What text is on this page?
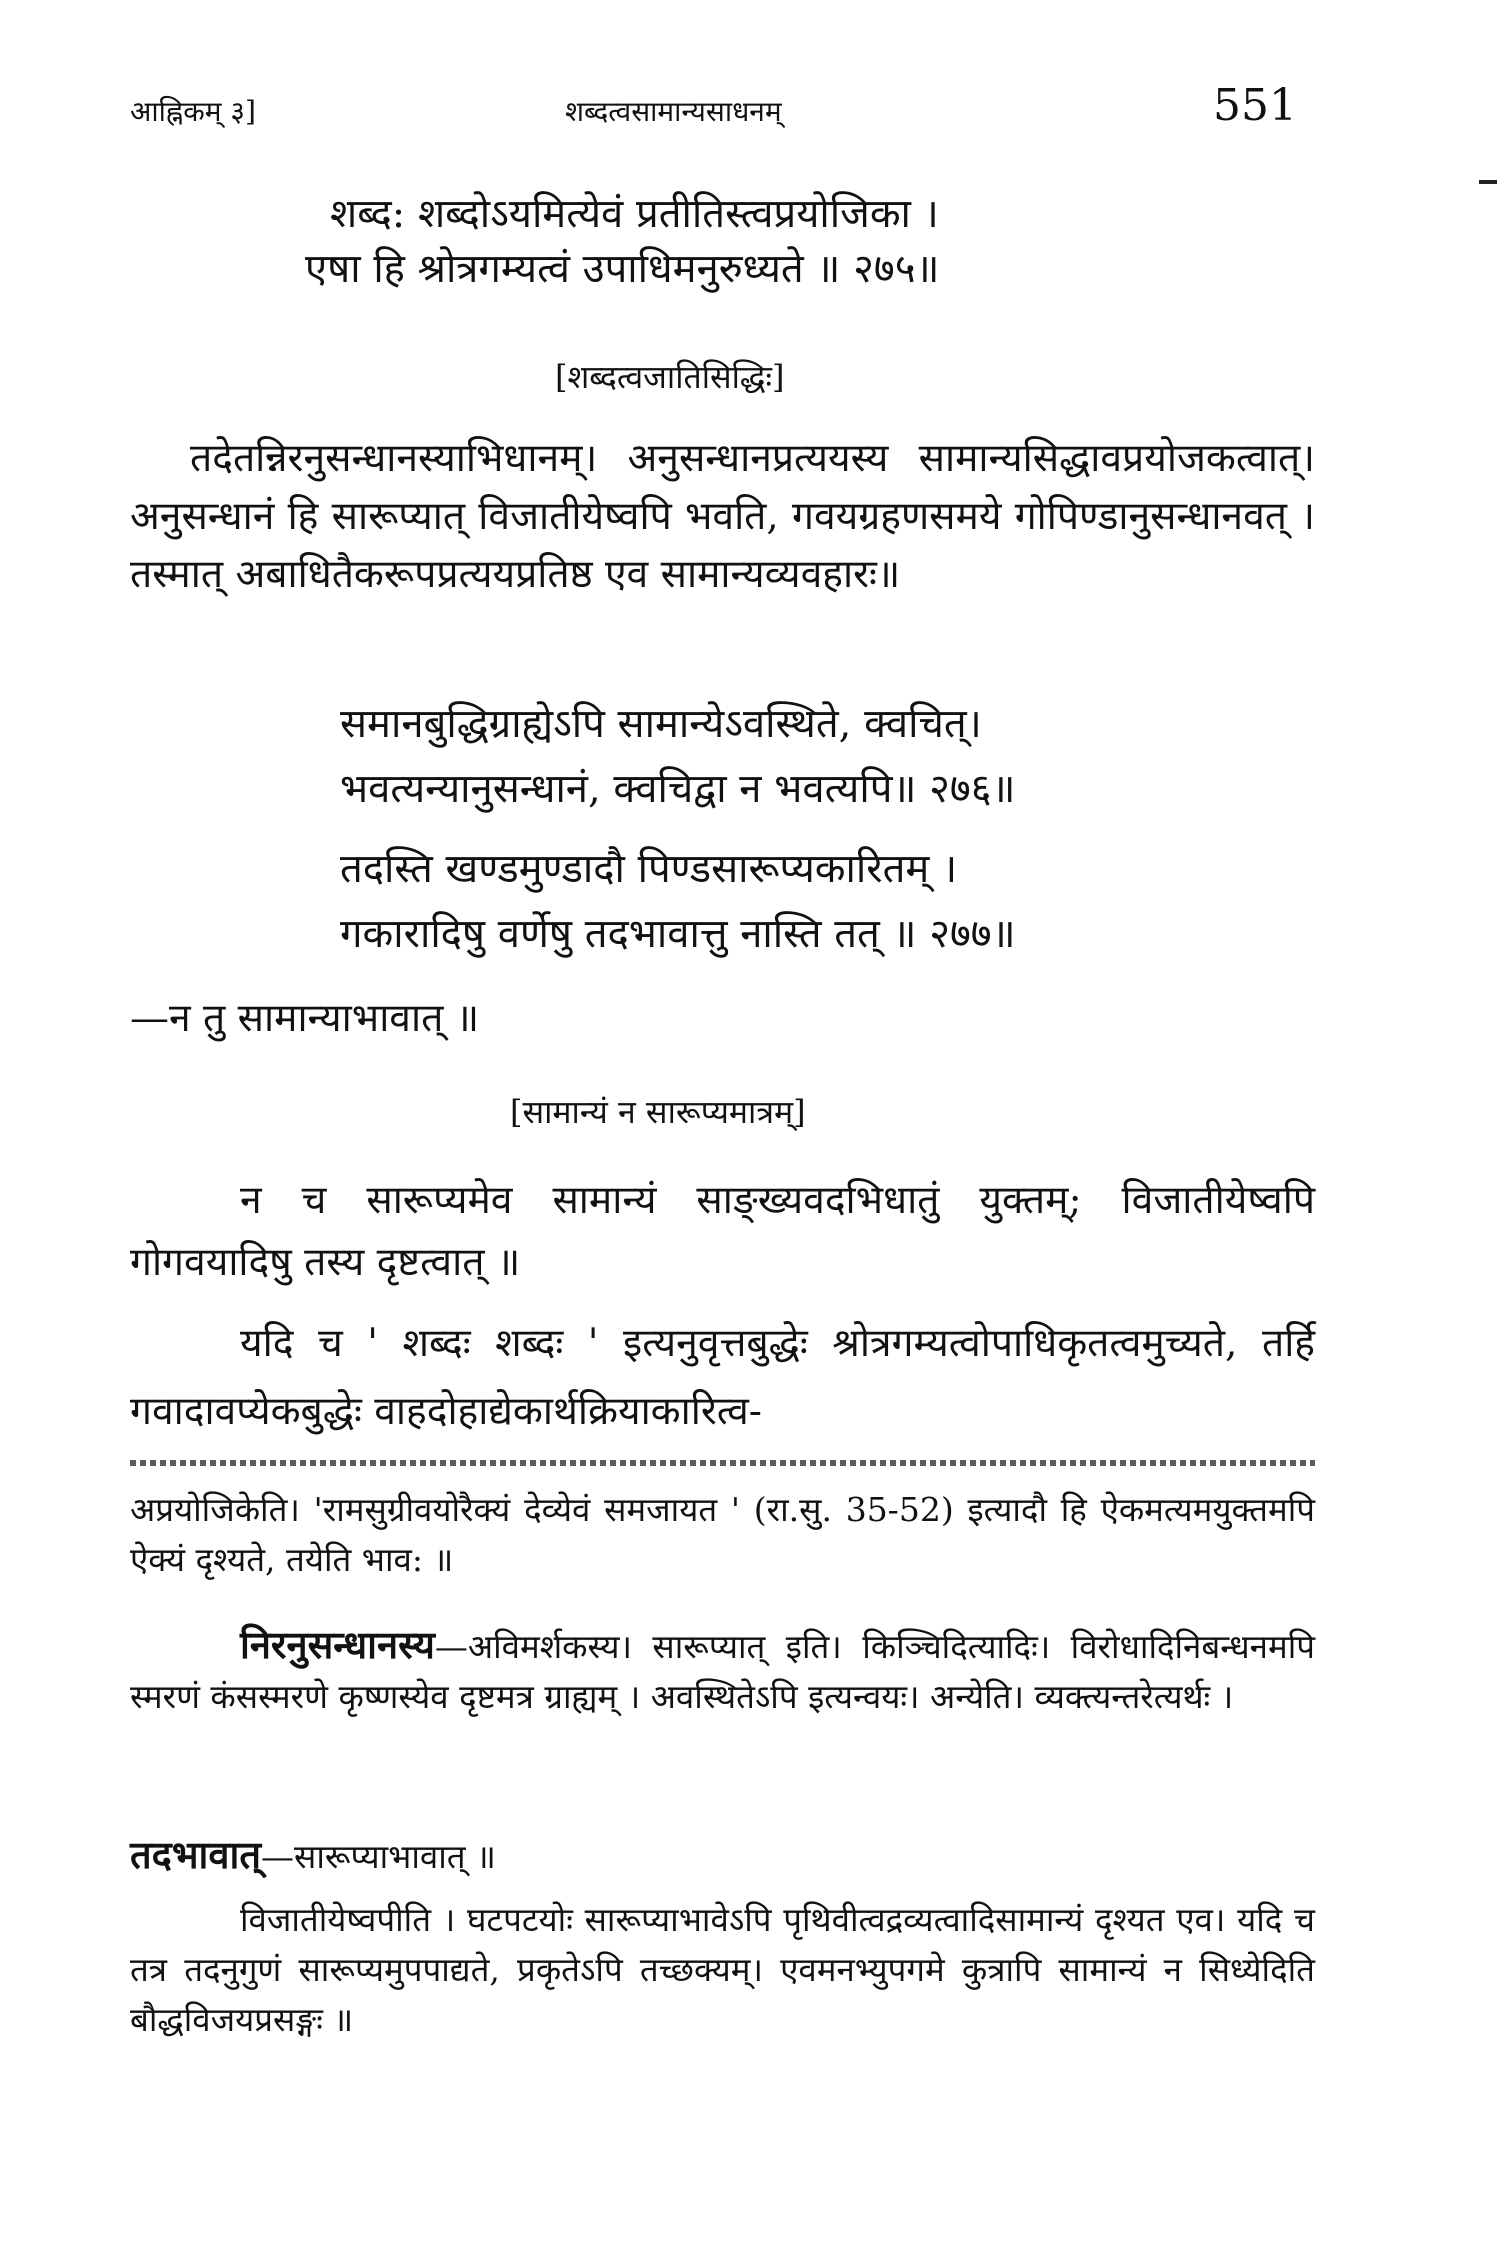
आह्निकम् ३]	शब्दत्वसामान्यसाधनम्	551
शब्द: शब्दोऽयमित्येवं प्रतीतिस्त्वप्रयोजिका ।
एषा हि श्रोत्रगम्यत्वं उपाधिमनुरुध्यते ॥ २७५॥
[शब्दत्वजातिसिद्धिः]
तदेतन्निरनुसन्धानस्याभिधानम्। अनुसन्धानप्रत्ययस्य सामान्यसिद्धावप्रयोजकत्वात्। अनुसन्धानं हि सारूप्यात् विजातीयेष्वपि भवति, गवयग्रहणसमये गोपिण्डानुसन्धानवत् । तस्मात् अबाधितैकरूपप्रत्ययप्रतिष्ठ एव सामान्यव्यवहारः॥
समानबुद्धिग्राह्येऽपि सामान्येऽवस्थिते, क्वचित्।
भवत्यन्यानुसन्धानं, क्वचिद्वा न भवत्यपि॥ २७६॥
तदस्ति खण्डमुण्डादौ पिण्डसारूप्यकारितम् ।
गकारादिषु वर्णेषु तदभावात्तु नास्ति तत् ॥ २७७॥
—न तु सामान्याभावात् ॥
[सामान्यं न सारूप्यमात्रम्]
न च सारूप्यमेव सामान्यं साङ्ख्यवदभिधातुं युक्तम्; विजातीयेष्वपि गोगवयादिषु तस्य दृष्टत्वात् ॥
यदि च ' शब्दः शब्दः ' इत्यनुवृत्तबुद्धेः श्रोत्रगम्यत्वोपाधिकृतत्वमुच्यते, तर्हि गवादावप्येकबुद्धेः वाहदोहाद्येकार्थक्रियाकारित्व-
अप्रयोजिकेति। 'रामसुग्रीवयोरैक्यं देव्येवं समजायत ' (रा.सु. 35-52) इत्यादौ हि ऐकमत्यमयुक्तमपि ऐक्यं दृश्यते, तयेति भाव: ॥
निरनुसन्धानस्य—अविमर्शकस्य। सारूप्यात् इति। किञ्चिदित्यादिः। विरोधादिनिबन्धनमपि स्मरणं कंसस्मरणे कृष्णस्येव दृष्टमत्र ग्राह्यम् । अवस्थितेऽपि इत्यन्वयः। अन्येति। व्यक्त्यन्तरेत्यर्थः ।
तदभावात्—सारूप्याभावात् ॥
विजातीयेष्वपीति । घटपटयोः सारूप्याभावेऽपि पृथिवीत्वद्रव्यत्वादिसामान्यं दृश्यत एव। यदि च तत्र तदनुगुणं सारूप्यमुपपाद्यते, प्रकृतेऽपि तच्छक्यम्। एवमनभ्युपगमे कुत्रापि सामान्यं न सिध्येदिति बौद्धविजयप्रसङ्गः ॥
